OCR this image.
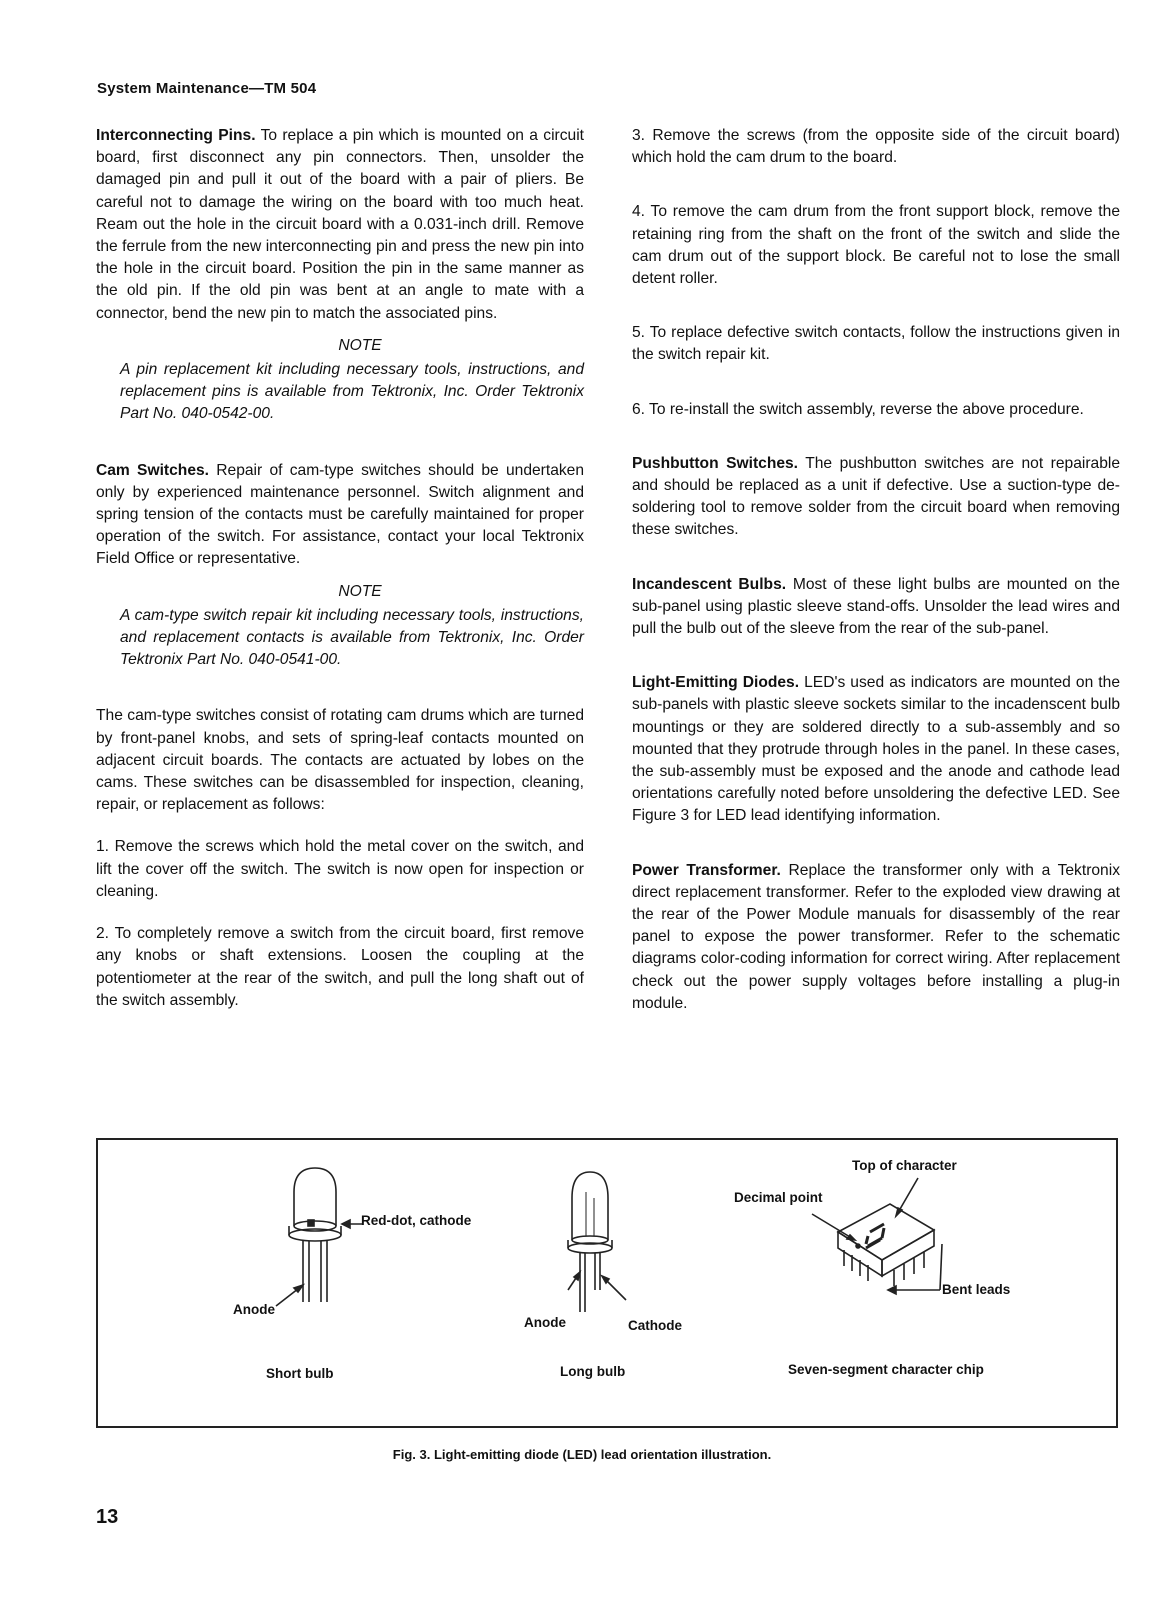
System Maintenance—TM 504

Interconnecting Pins. To replace a pin which is mounted on a circuit board, first disconnect any pin connectors. Then, unsolder the damaged pin and pull it out of the board with a pair of pliers. Be careful not to damage the wiring on the board with too much heat. Ream out the hole in the circuit board with a 0.031-inch drill. Remove the ferrule from the new interconnecting pin and press the new pin into the hole in the circuit board. Position the pin in the same manner as the old pin. If the old pin was bent at an angle to mate with a connector, bend the new pin to match the associated pins.

NOTE
A pin replacement kit including necessary tools, instructions, and replacement pins is available from Tektronix, Inc. Order Tektronix Part No. 040-0542-00.

Cam Switches. Repair of cam-type switches should be undertaken only by experienced maintenance personnel. Switch alignment and spring tension of the contacts must be carefully maintained for proper operation of the switch. For assistance, contact your local Tektronix Field Office or representative.

NOTE
A cam-type switch repair kit including necessary tools, instructions, and replacement contacts is available from Tektronix, Inc. Order Tektronix Part No. 040-0541-00.

The cam-type switches consist of rotating cam drums which are turned by front-panel knobs, and sets of spring-leaf contacts mounted on adjacent circuit boards. The contacts are actuated by lobes on the cams. These switches can be disassembled for inspection, cleaning, repair, or replacement as follows:

1. Remove the screws which hold the metal cover on the switch, and lift the cover off the switch. The switch is now open for inspection or cleaning.

2. To completely remove a switch from the circuit board, first remove any knobs or shaft extensions. Loosen the coupling at the potentiometer at the rear of the switch, and pull the long shaft out of the switch assembly.

3. Remove the screws (from the opposite side of the circuit board) which hold the cam drum to the board.

4. To remove the cam drum from the front support block, remove the retaining ring from the shaft on the front of the switch and slide the cam drum out of the support block. Be careful not to lose the small detent roller.

5. To replace defective switch contacts, follow the instructions given in the switch repair kit.

6. To re-install the switch assembly, reverse the above procedure.

Pushbutton Switches. The pushbutton switches are not repairable and should be replaced as a unit if defective. Use a suction-type de-soldering tool to remove solder from the circuit board when removing these switches.

Incandescent Bulbs. Most of these light bulbs are mounted on the sub-panel using plastic sleeve stand-offs. Unsolder the lead wires and pull the bulb out of the sleeve from the rear of the sub-panel.

Light-Emitting Diodes. LED's used as indicators are mounted on the sub-panels with plastic sleeve sockets similar to the incadenscent bulb mountings or they are soldered directly to a sub-assembly and so mounted that they protrude through holes in the panel. In these cases, the sub-assembly must be exposed and the anode and cathode lead orientations carefully noted before unsoldering the defective LED. See Figure 3 for LED lead identifying information.

Power Transformer. Replace the transformer only with a Tektronix direct replacement transformer. Refer to the exploded view drawing at the rear of the Power Module manuals for disassembly of the rear panel to expose the power transformer. Refer to the schematic diagrams color-coding information for correct wiring. After replacement check out the power supply voltages before installing a plug-in module.

Red-dot, cathode
Anode
Short bulb
Anode	Cathode
Long bulb
Top of character
Decimal point
Bent leads
Seven-segment character chip
Fig. 3. Light-emitting diode (LED) lead orientation illustration.
13
